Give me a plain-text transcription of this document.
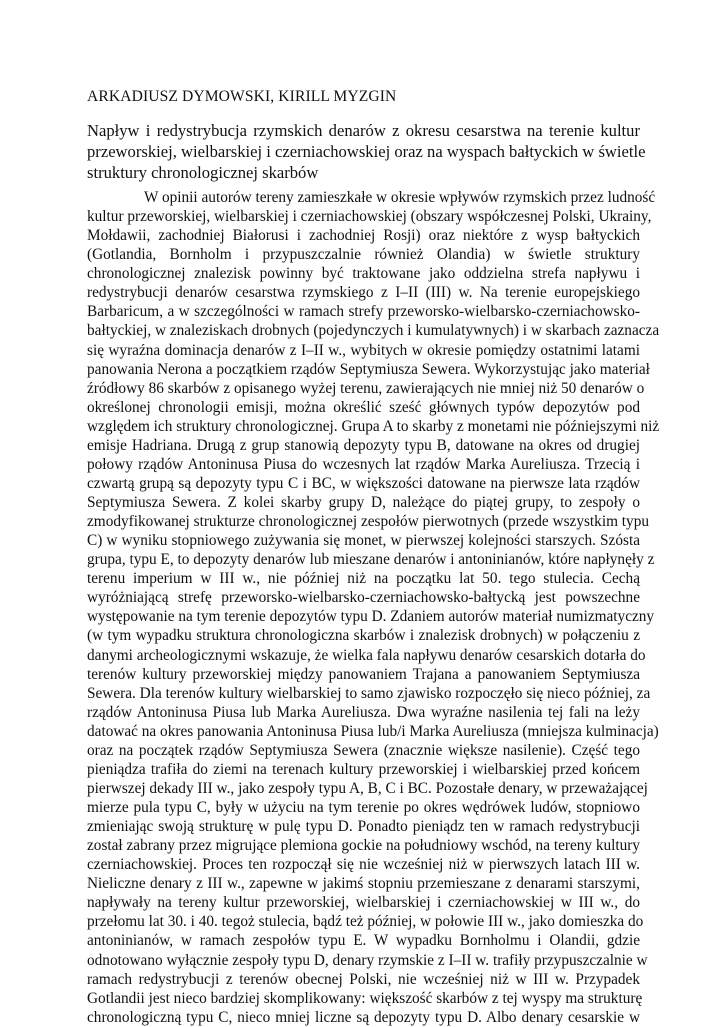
ARKADIUSZ DYMOWSKI, KIRILL MYZGIN

Napływ i redystrybucja rzymskich denarów z okresu cesarstwa na terenie kultur
przeworskiej, wielbarskiej i czerniachowskiej oraz na wyspach bałtyckich w świetle
struktury chronologicznej skarbów
W opinii autorów tereny zamieszkałe w okresie wpływów rzymskich przez ludność
kultur przeworskiej, wielbarskiej i czerniachowskiej (obszary współczesnej Polski, Ukrainy,
Mołdawii, zachodniej Białorusi i zachodniej Rosji) oraz niektóre z wysp bałtyckich
(Gotlandia, Bornholm i przypuszczalnie również Olandia) w świetle struktury
chronologicznej znalezisk powinny być traktowane jako oddzielna strefa napływu i
redystrybucji denarów cesarstwa rzymskiego z I–II (III) w. Na terenie europejskiego
Barbaricum, a w szczególności w ramach strefy przeworsko-wielbarsko-czerniachowsko-
bałtyckiej, w znaleziskach drobnych (pojedynczych i kumulatywnych) i w skarbach zaznacza
się wyraźna dominacja denarów z I–II w., wybitych w okresie pomiędzy ostatnimi latami
panowania Nerona a początkiem rządów Septymiusza Sewera. Wykorzystując jako materiał
źródłowy 86 skarbów z opisanego wyżej terenu, zawierających nie mniej niż 50 denarów o
określonej chronologii emisji, można określić sześć głównych typów depozytów pod
względem ich struktury chronologicznej. Grupa A to skarby z monetami nie późniejszymi niż
emisje Hadriana. Drugą z grup stanowią depozyty typu B, datowane na okres od drugiej
połowy rządów Antoninusa Piusa do wczesnych lat rządów Marka Aureliusza. Trzecią i
czwartą grupą są depozyty typu C i BC, w większości datowane na pierwsze lata rządów
Septymiusza Sewera. Z kolei skarby grupy D, należące do piątej grupy, to zespoły o
zmodyfikowanej strukturze chronologicznej zespołów pierwotnych (przede wszystkim typu
C) w wyniku stopniowego zużywania się monet, w pierwszej kolejności starszych. Szósta
grupa, typu E, to depozyty denarów lub mieszane denarów i antoninianów, które napłynęły z
terenu imperium w III w., nie później niż na początku lat 50. tego stulecia. Cechą
wyróżniającą strefę przeworsko-wielbarsko-czerniachowsko-bałtycką jest powszechne
występowanie na tym terenie depozytów typu D. Zdaniem autorów materiał numizmatyczny
(w tym wypadku struktura chronologiczna skarbów i znalezisk drobnych) w połączeniu z
danymi archeologicznymi wskazuje, że wielka fala napływu denarów cesarskich dotarła do
terenów kultury przeworskiej między panowaniem Trajana a panowaniem Septymiusza
Sewera. Dla terenów kultury wielbarskiej to samo zjawisko rozpoczęło się nieco później, za
rządów Antoninusa Piusa lub Marka Aureliusza. Dwa wyraźne nasilenia tej fali na leży
datować na okres panowania Antoninusa Piusa lub/i Marka Aureliusza (mniejsza kulminacja)
oraz na początek rządów Septymiusza Sewera (znacznie większe nasilenie). Część tego
pieniądza trafiła do ziemi na terenach kultury przeworskiej i wielbarskiej przed końcem
pierwszej dekady III w., jako zespoły typu A, B, C i BC. Pozostałe denary, w przeważającej
mierze pula typu C, były w użyciu na tym terenie po okres wędrówek ludów, stopniowo
zmieniając swoją strukturę w pulę typu D. Ponadto pieniądz ten w ramach redystrybucji
został zabrany przez migrujące plemiona gockie na południowy wschód, na tereny kultury
czerniachowskiej. Proces ten rozpoczął się nie wcześniej niż w pierwszych latach III w.
Nieliczne denary z III w., zapewne w jakimś stopniu przemieszane z denarami starszymi,
napływały na tereny kultur przeworskiej, wielbarskiej i czerniachowskiej w III w., do
przełomu lat 30. i 40. tegoż stulecia, bądź też później, w połowie III w., jako domieszka do
antoninianów, w ramach zespołów typu E. W wypadku Bornholmu i Olandii, gdzie
odnotowano wyłącznie zespoły typu D, denary rzymskie z I–II w. trafiły przypuszczalnie w
ramach redystrybucji z terenów obecnej Polski, nie wcześniej niż w III w. Przypadek
Gotlandii jest nieco bardziej skomplikowany: większość skarbów z tej wyspy ma strukturę
chronologiczną typu C, nieco mniej liczne są depozyty typu D. Albo denary cesarskie w
